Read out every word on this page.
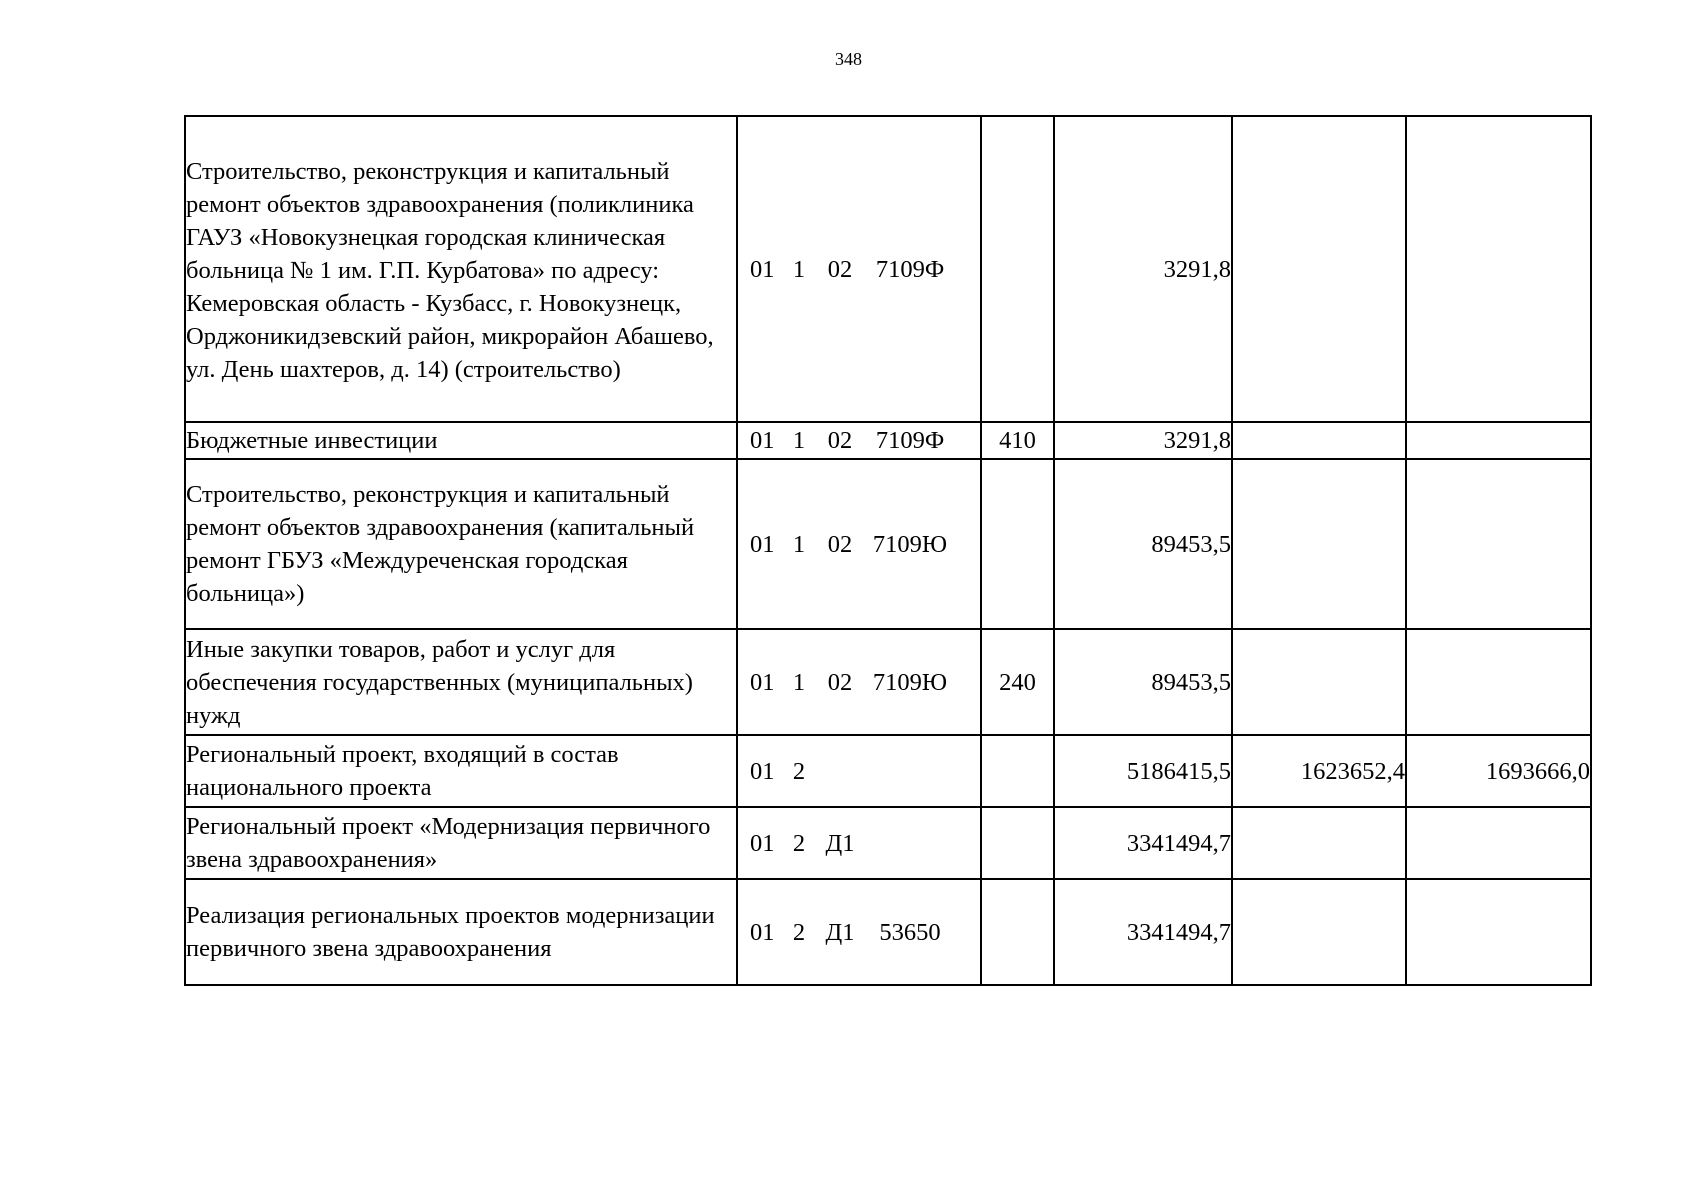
348
Строительство, реконструкция и капитальный ремонт объектов здравоохранения (поликлиника ГАУЗ «Новокузнецкая городская клиническая больница № 1 им. Г.П. Курбатова» по адресу: Кемеровская область - Кузбасс, г. Новокузнецк, Орджоникидзевский район, микрорайон Абашево, ул. День шахтеров, д. 14) (строительство)	01 1 02 7109Ф		3291,8		
Бюджетные инвестиции	01 1 02 7109Ф	410	3291,8		
Строительство, реконструкция и капитальный ремонт объектов здравоохранения (капитальный ремонт ГБУЗ «Междуреченская городская больница»)	01 1 02 7109Ю		89453,5		
Иные закупки товаров, работ и услуг для обеспечения государственных (муниципальных) нужд	01 1 02 7109Ю	240	89453,5		
Региональный проект, входящий в состав национального проекта	01 2		5186415,5	1623652,4	1693666,0
Региональный проект «Модернизация первичного звена здравоохранения»	01 2 Д1		3341494,7		
Реализация региональных проектов модернизации первичного звена здравоохранения	01 2 Д1 53650		3341494,7		
